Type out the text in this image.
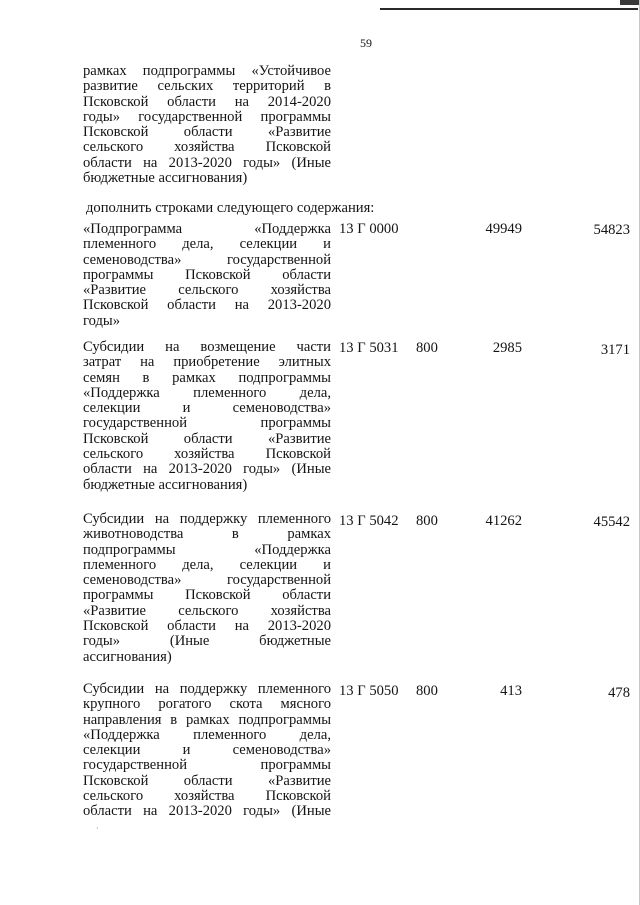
59
рамках подпрограммы «Устойчивое
развитие сельских территорий в
Псковской области на 2014-2020
годы» государственной программы
Псковской области «Развитие
сельского хозяйства Псковской
области на 2013-2020 годы» (Иные
бюджетные ассигнования)
дополнить строками следующего содержания:
«Подпрограмма «Поддержка
племенного дела, селекции и
семеноводства» государственной
программы Псковской области
«Развитие сельского хозяйства
Псковской области на 2013-2020
годы»
13 Г 0000	49949	54823
Субсидии на возмещение части
затрат на приобретение элитных
семян в рамках подпрограммы
«Поддержка племенного дела,
селекции и семеноводства»
государственной программы
Псковской области «Развитие
сельского хозяйства Псковской
области на 2013-2020 годы» (Иные
бюджетные ассигнования)
13 Г 5031 800	2985	3171
Субсидии на поддержку племенного
животноводства в рамках
подпрограммы «Поддержка
племенного дела, селекции и
семеноводства» государственной
программы Псковской области
«Развитие сельского хозяйства
Псковской области на 2013-2020
годы» (Иные бюджетные
ассигнования)
13 Г 5042 800	41262	45542
Субсидии на поддержку племенного
крупного рогатого скота мясного
направления в рамках подпрограммы
«Поддержка племенного дела,
селекции и семеноводства»
государственной программы
Псковской области «Развитие
сельского хозяйства Псковской
области на 2013-2020 годы» (Иные
13 Г 5050 800	413	478
·
